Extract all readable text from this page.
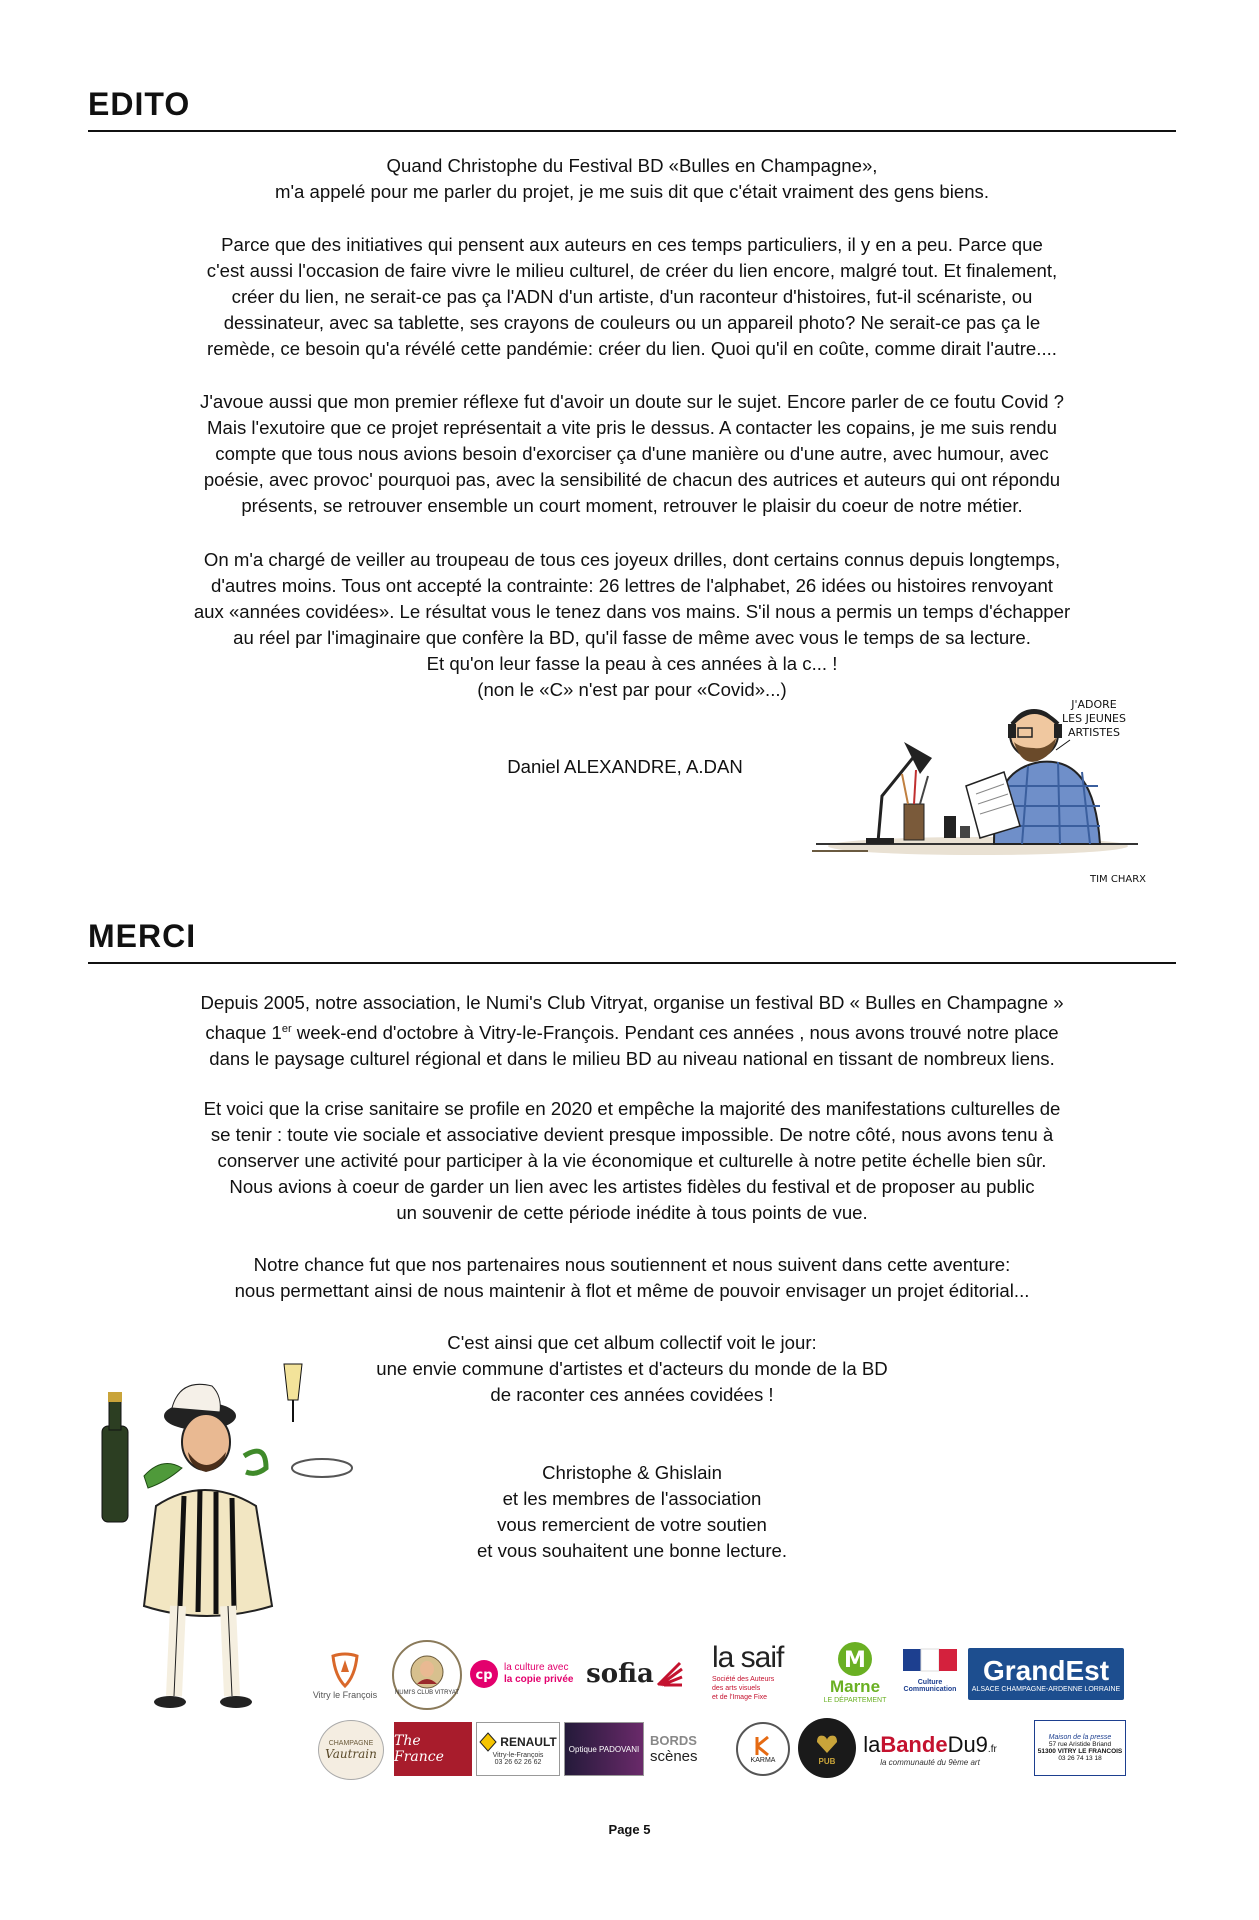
EDITO
Quand Christophe du Festival BD «Bulles en Champagne»,
m'a appelé pour me parler du projet, je me suis dit que c'était vraiment des gens biens.
Parce que des initiatives qui pensent aux auteurs en ces temps particuliers, il y en a peu. Parce que
c'est aussi l'occasion de faire vivre le milieu culturel, de créer du lien encore, malgré tout. Et finalement,
créer du lien, ne serait-ce pas ça l'ADN d'un artiste, d'un raconteur d'histoires, fut-il scénariste, ou
dessinateur, avec sa tablette, ses crayons de couleurs ou un appareil photo? Ne serait-ce pas ça le
remède, ce besoin qu'a révélé cette pandémie: créer du lien. Quoi qu'il en coûte, comme dirait l'autre....
J'avoue aussi que mon premier réflexe fut d'avoir un doute sur le sujet. Encore parler de ce foutu Covid ?
Mais l'exutoire que ce projet représentait a vite pris le dessus. A contacter les copains, je me suis rendu
compte que tous nous avions besoin d'exorciser ça d'une manière ou d'une autre, avec humour, avec
poésie, avec provoc' pourquoi pas, avec la sensibilité de chacun des autrices et auteurs qui ont répondu
présents, se retrouver ensemble un court moment, retrouver le plaisir du coeur de notre métier.
On m'a chargé de veiller au troupeau de tous ces joyeux drilles, dont certains connus depuis longtemps,
d'autres moins. Tous ont accepté la contrainte: 26 lettres de l'alphabet, 26 idées ou histoires renvoyant
aux «années covidées». Le résultat vous le tenez dans vos mains. S'il nous a permis un temps d'échapper
au réel par l'imaginaire que confère la BD, qu'il fasse de même avec vous le temps de sa lecture.
Et qu'on leur fasse la peau à ces années à la c... !
(non le «C» n'est par pour «Covid»...)
Daniel ALEXANDRE, A.DAN
J'ADORE
LES JEUNES
ARTISTES
TIM CHARX
MERCI
Depuis 2005, notre association, le Numi's Club Vitryat, organise un festival BD « Bulles en Champagne »
chaque 1er week-end d'octobre à Vitry-le-François. Pendant ces années , nous avons trouvé notre place
dans le paysage culturel régional et dans le milieu BD au niveau national en tissant de nombreux liens.
Et voici que la crise sanitaire se profile en 2020 et empêche la majorité des manifestations culturelles de
se tenir : toute vie sociale et associative devient presque impossible. De notre côté, nous avons tenu à
conserver une activité pour participer à la vie économique et culturelle à notre petite échelle bien sûr.
Nous avions à coeur de garder un lien avec les artistes fidèles du festival et de proposer au public
un souvenir de cette période inédite à tous points de vue.
Notre chance fut que nos partenaires nous soutiennent et nous suivent dans cette aventure:
nous permettant ainsi de nous maintenir à flot et même de pouvoir envisager un projet éditorial...
C'est ainsi que cet album collectif voit le jour:
une envie commune d'artistes et d'acteurs du monde de la BD
de raconter ces années covidées !
Christophe & Ghislain
et les membres de l'association
vous remercient de votre soutien
et vous souhaitent une bonne lecture.
Vitry le François	NUMI'S CLUB VITRYAT
cp
la culture avec
la copie privée sofia
la saif
Société des Auteurs
des arts visuels
et de l'Image Fixe
M
Marne
LE DÉPARTEMENT
Culture
Communication
GrandEst
ALSACE CHAMPAGNE-ARDENNE LORRAINE
CHAMPAGNE
Vautrain
The France
RENAULT
Vitry-le-François
03 26 62 26 62
Optique PADOVANI
BORDS
scènes	KARMA	PUB
laBandeDu9.fr
la communauté du 9ème art
Maison de la presse
57 rue Aristide Briand
51300 VITRY LE FRANCOIS
03 26 74 13 18
Page 5
